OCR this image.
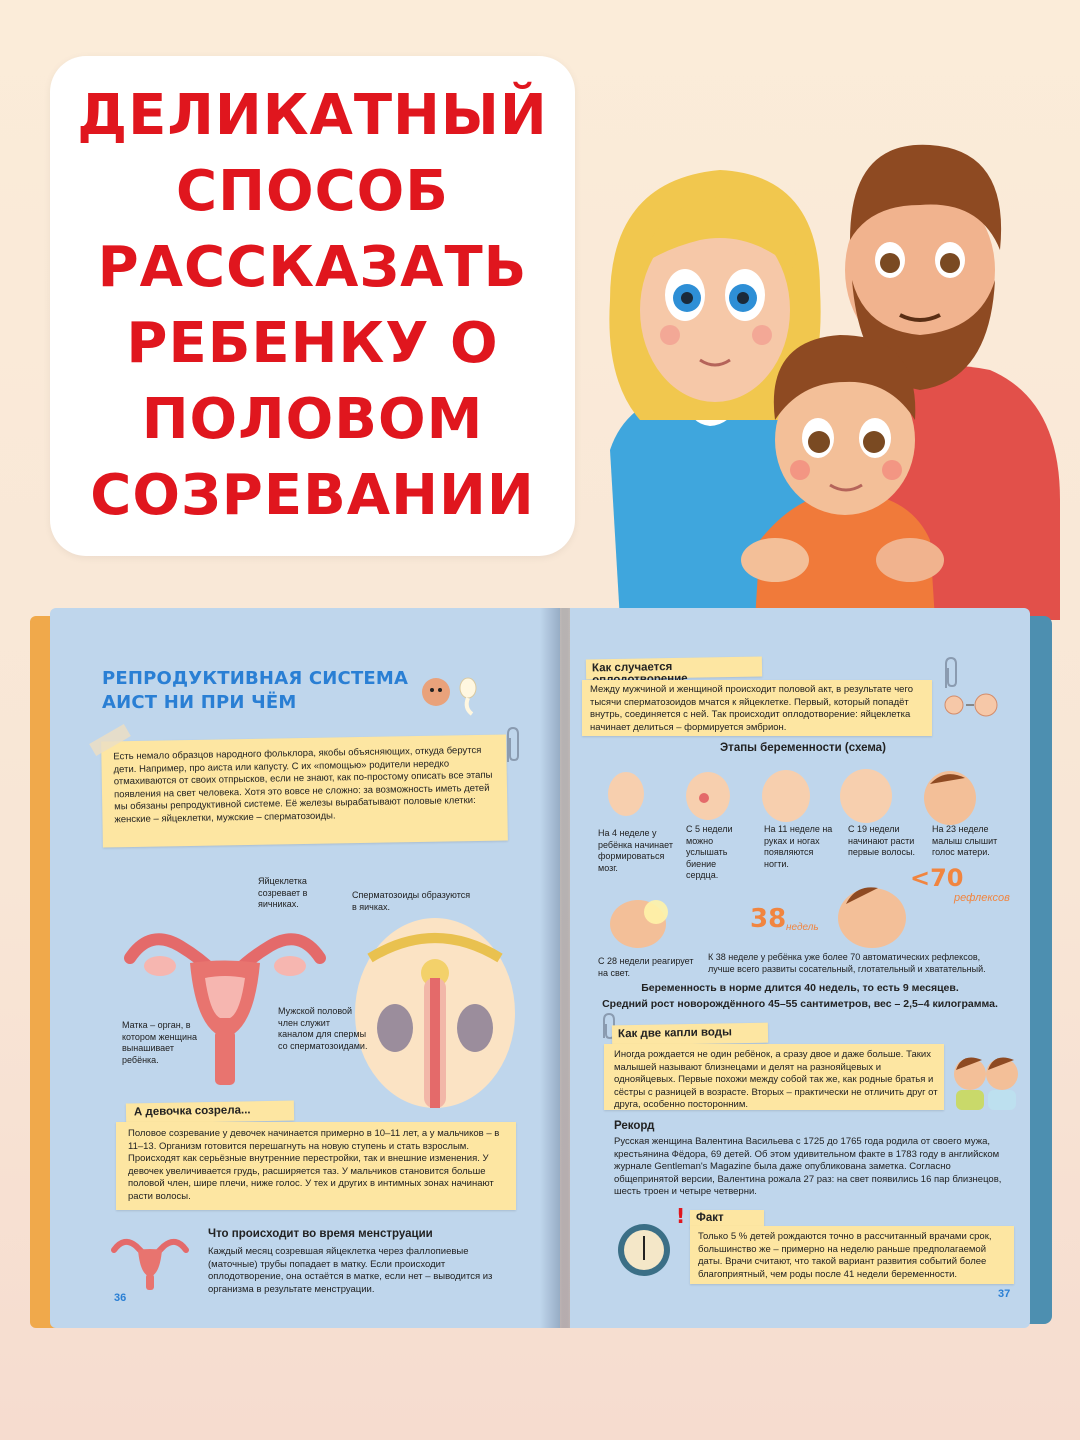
ДЕЛИКАТНЫЙ
СПОСОБ
РАССКАЗАТЬ
РЕБЕНКУ О
ПОЛОВОМ
СОЗРЕВАНИИ
РЕПРОДУКТИВНАЯ СИСТЕМА
АИСТ НИ ПРИ ЧЁМ
Есть немало образцов народного фольклора, якобы объясняющих, откуда берутся дети. Например, про аиста или капусту. С их «помощью» родители нередко отмахиваются от своих отпрысков, если не знают, как по-простому описать все этапы появления на свет человека. Хотя это вовсе не сложно: за возможность иметь детей мы обязаны репродуктивной системе. Её железы вырабатывают половые клетки: женские – яйцеклетки, мужские – сперматозоиды.
Яйцеклетка созревает в яичниках.
Сперматозоиды образуются в яичках.
Матка – орган, в котором женщина вынашивает ребёнка.
Мужской половой член служит каналом для спермы со сперматозоидами.
А девочка созрела...
Половое созревание у девочек начинается примерно в 10–11 лет, а у мальчиков – в 11–13. Организм готовится перешагнуть на новую ступень и стать взрослым. Происходят как серьёзные внутренние перестройки, так и внешние изменения. У девочек увеличивается грудь, расширяется таз. У мальчиков становится больше половой член, шире плечи, ниже голос. У тех и других в интимных зонах начинают расти волосы.
Что происходит во время менструации
Каждый месяц созревшая яйцеклетка через фаллопиевые (маточные) трубы попадает в матку. Если происходит оплодотворение, она остаётся в матке, если нет – выводится из организма в результате менструации.
36
Как случается
Между мужчиной и женщиной происходит половой акт, в результате чего тысячи сперматозоидов мчатся к яйцеклетке. Первый, который попадёт внутрь, соединяется с ней. Так происходит оплодотворение: яйцеклетка начинает делиться – формируется эмбрион.
Этапы беременности (схема)
На 4 неделе у ребёнка начинает формироваться мозг.
С 5 недели можно услышать биение сердца.
На 11 неделе на руках и ногах появляются ногти.
С 19 недели начинают расти первые волосы.
На 23 неделе малыш слышит голос матери.
<70
рефлексов
38 недель
С 28 недели реагирует на свет.
К 38 неделе у ребёнка уже более 70 автоматических рефлексов, лучше всего развиты сосательный, глотательный и хватательный.
Беременность в норме длится 40 недель, то есть 9 месяцев.
Средний рост новорождённого 45–55 сантиметров, вес – 2,5–4 килограмма.
Как две капли воды
Иногда рождается не один ребёнок, а сразу двое и даже больше. Таких малышей называют близнецами и делят на разнояйцевых и однояйцевых. Первые похожи между собой так же, как родные братья и сёстры с разницей в возрасте. Вторых – практически не отличить друг от друга, особенно посторонним.
Рекорд
Русская женщина Валентина Васильева с 1725 до 1765 года родила от своего мужа, крестьянина Фёдора, 69 детей. Об этом удивительном факте в 1783 году в английском журнале Gentleman's Magazine была даже опубликована заметка. Согласно общепринятой версии, Валентина рожала 27 раз: на свет появились 16 пар близнецов, шесть троен и четыре четверни.
! Факт
Только 5 % детей рождаются точно в рассчитанный врачами срок, большинство же – примерно на неделю раньше предполагаемой даты. Врачи считают, что такой вариант развития событий более благоприятный, чем роды после 41 недели беременности.
37
